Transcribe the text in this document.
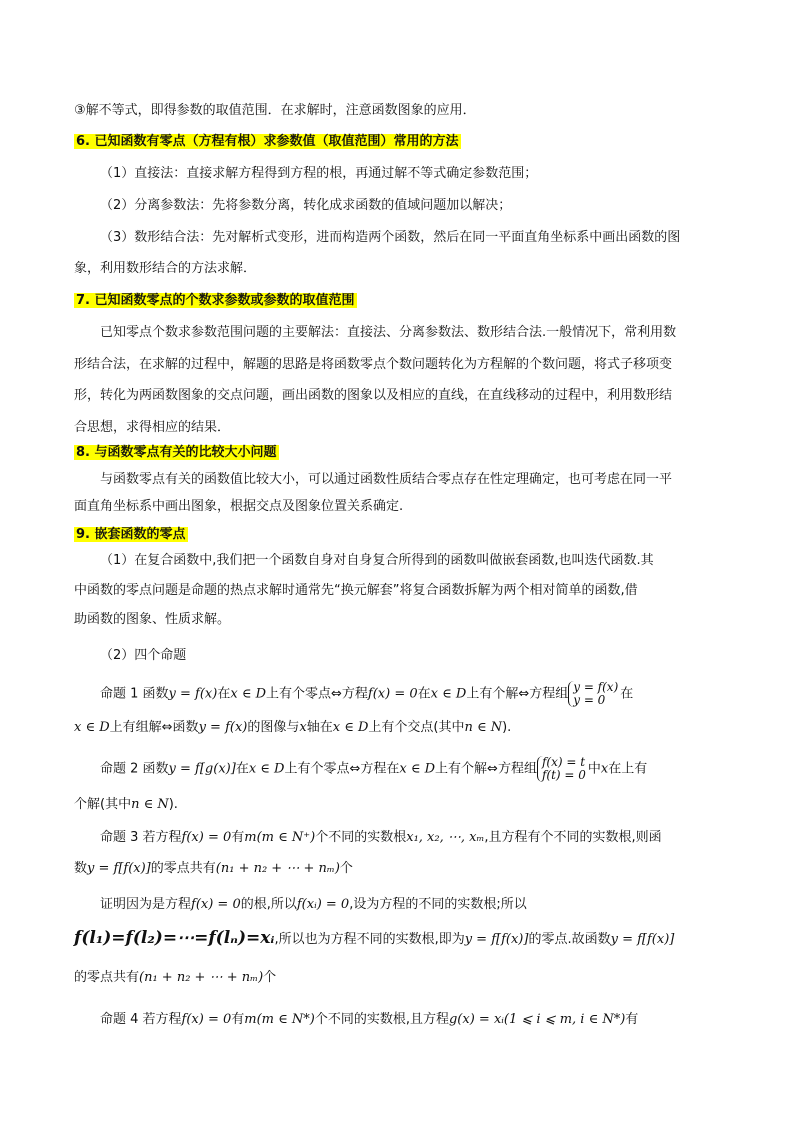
③解不等式，即得参数的取值范围．在求解时，注意函数图象的应用．
6. 已知函数有零点（方程有根）求参数值（取值范围）常用的方法
（1）直接法：直接求解方程得到方程的根，再通过解不等式确定参数范围；
（2）分离参数法：先将参数分离，转化成求函数的值域问题加以解决；
（3）数形结合法：先对解析式变形，进而构造两个函数，然后在同一平面直角坐标系中画出函数的图
象，利用数形结合的方法求解．
7. 已知函数零点的个数求参数或参数的取值范围
已知零点个数求参数范围问题的主要解法：直接法、分离参数法、数形结合法.一般情况下，常利用数
形结合法，在求解的过程中，解题的思路是将函数零点个数问题转化为方程解的个数问题，将式子移项变
形，转化为两函数图象的交点问题，画出函数的图象以及相应的直线，在直线移动的过程中，利用数形结
合思想，求得相应的结果．
8. 与函数零点有关的比较大小问题
与函数零点有关的函数值比较大小，可以通过函数性质结合零点存在性定理确定，也可考虑在同一平
面直角坐标系中画出图象，根据交点及图象位置关系确定.
9. 嵌套函数的零点
（1）在复合函数中,我们把一个函数自身对自身复合所得到的函数叫做嵌套函数,也叫迭代函数.其
中函数的零点问题是命题的热点求解时通常先“换元解套”将复合函数拆解为两个相对简单的函数,借
助函数的图象、性质求解。
（2）四个命题
命题 1 函数y = f(x)在x ∈ D上有个零点⇔方程f(x) = 0在x ∈ D上有个解⇔方程组 y = f(x)
y = 0 在
x ∈ D上有组解⇔函数y = f(x)的图像与x轴在x ∈ D上有个交点(其中n ∈ N).
命题 2 函数y = f[g(x)]在x ∈ D上有个零点⇔方程在x ∈ D上有个解⇔方程组 f(x) = t
f(t) = 0 中x在上有
个解(其中n ∈ N).
命题 3 若方程f(x) = 0有m(m ∈ N⁺)个不同的实数根x₁, x₂, ⋯, xₘ,且方程有个不同的实数根,则函
数y = f[f(x)]的零点共有(n₁ + n₂ + ⋯ + nₘ)个
证明因为是方程f(x) = 0的根,所以f(xᵢ) = 0,设为方程的不同的实数根;所以
f(l₁)=f(l₂)=⋯=f(lₙ)=xᵢ,所以也为方程不同的实数根,即为y = f[f(x)]的零点.故函数y = f[f(x)]
的零点共有(n₁ + n₂ + ⋯ + nₘ)个
命题 4 若方程f(x) = 0有m(m ∈ N*)个不同的实数根,且方程g(x) = xᵢ(1 ⩽ i ⩽ m, i ∈ N*)有
